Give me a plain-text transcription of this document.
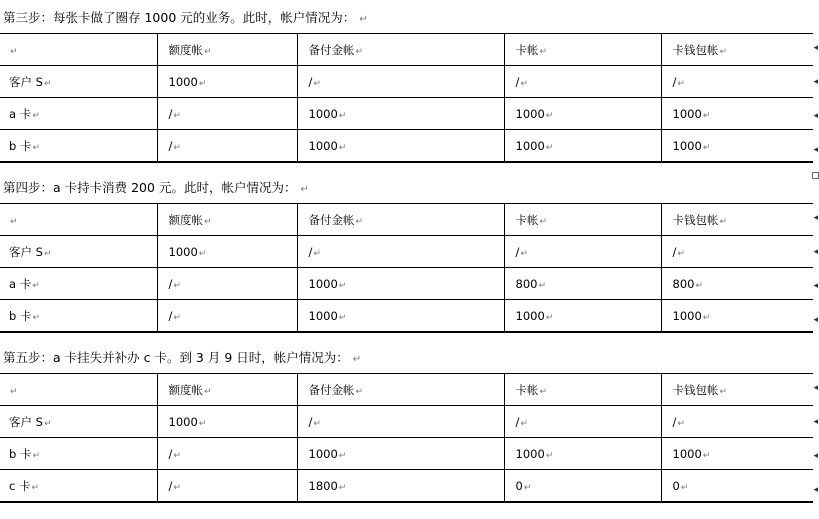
第三步：每张卡做了圈存 1000 元的业务。此时，帐户情况为： ↵
↵	额度帐↵	备付金帐↵	卡帐↵	卡钱包帐↵
客户 S↵	1000↵	/↵	/↵	/↵
a 卡↵	/↵	1000↵	1000↵	1000↵
b 卡↵	/↵	1000↵	1000↵	1000↵
◂
◂
◂
◂
第四步：a 卡持卡消费 200 元。此时，帐户情况为： ↵
↵	额度帐↵	备付金帐↵	卡帐↵	卡钱包帐↵
客户 S↵	1000↵	/↵	/↵	/↵
a 卡↵	/↵	1000↵	800↵	800↵
b 卡↵	/↵	1000↵	1000↵	1000↵
◂
◂
◂
◂
第五步：a 卡挂失并补办 c 卡。到 3 月 9 日时，帐户情况为： ↵
↵	额度帐↵	备付金帐↵	卡帐↵	卡钱包帐↵
客户 S↵	1000↵	/↵	/↵	/↵
b 卡↵	/↵	1000↵	1000↵	1000↵
c 卡↵	/↵	1800↵	0↵	0↵
◂
◂
◂
◂
